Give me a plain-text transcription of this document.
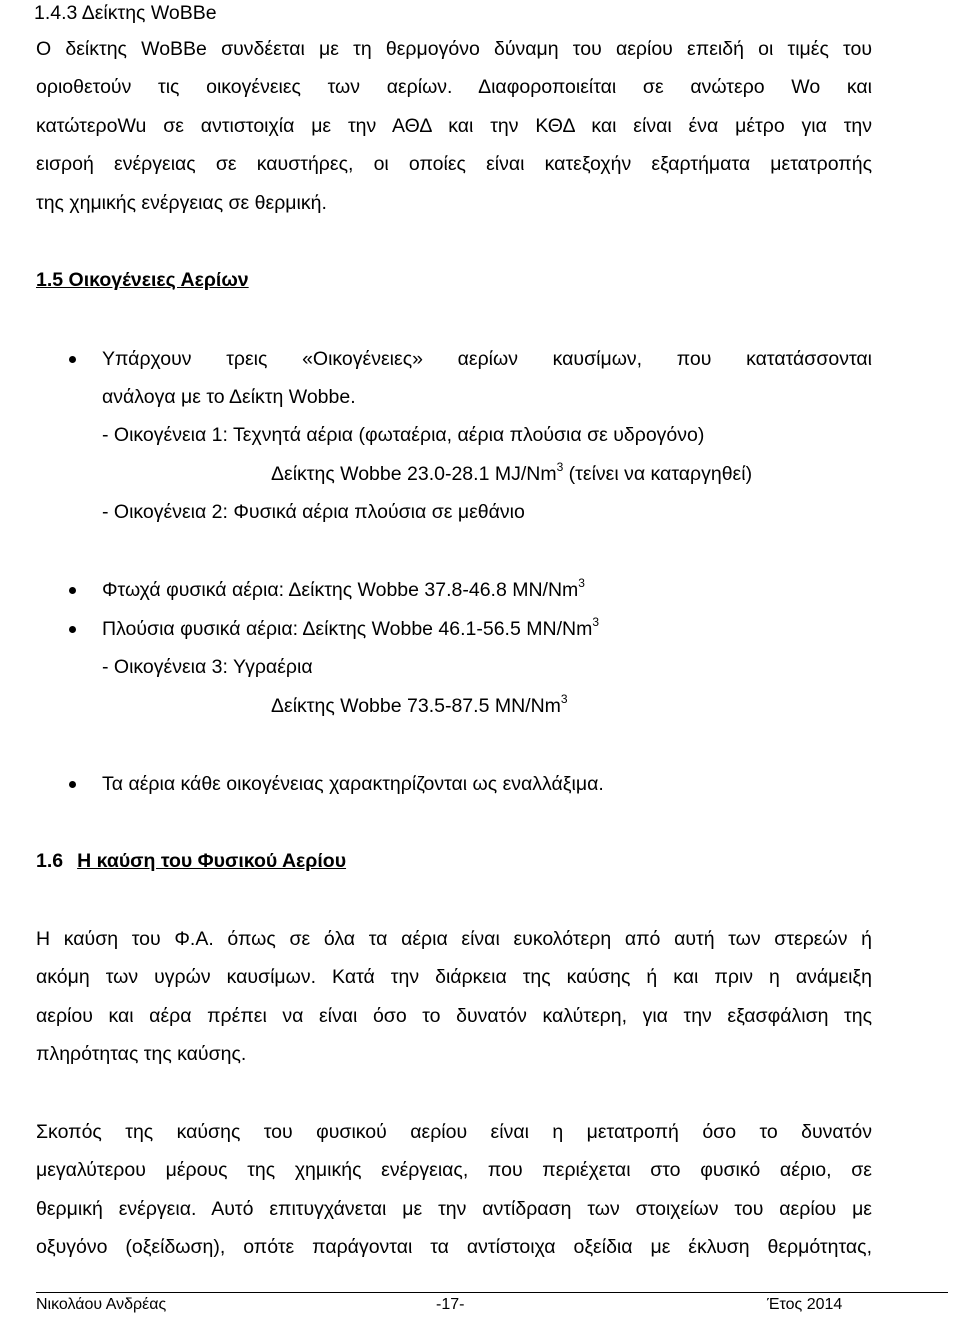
1.4.3 Δείκτης WoBBe
Ο δείκτης WoBBe συνδέεται με τη θερμογόνο δύναμη του αερίου επειδή οι τιμές του
οριοθετούν τις οικογένειες των αερίων. Διαφοροποιείται σε ανώτερο Wo και
κατώτεροWu σε αντιστοιχία με την ΑΘΔ και την ΚΘΔ και είναι ένα μέτρο για την
εισροή ενέργειας σε καυστήρες, οι οποίες είναι κατεξοχήν εξαρτήματα μετατροπής
της χημικής ενέργειας σε θερμική.
1.5 Οικογένειες Αερίων
Υπάρχουν τρεις «Οικογένειες» αερίων καυσίμων, που κατατάσσονται
ανάλογα με το Δείκτη Wobbe.
- Οικογένεια 1: Τεχνητά αέρια (φωταέρια, αέρια πλούσια σε υδρογόνο)
Δείκτης Wobbe 23.0-28.1 MJ/Nm$^3$ (τείνει να καταργηθεί)
- Οικογένεια 2: Φυσικά αέρια πλούσια σε μεθάνιο
Φτωχά φυσικά αέρια: Δείκτης Wobbe 37.8-46.8 MN/Nm$^3$
Πλούσια φυσικά αέρια: Δείκτης Wobbe 46.1-56.5 MN/Nm$^3$
- Οικογένεια 3: Υγραέρια
Δείκτης Wobbe 73.5-87.5 MN/Nm$^3$
Τα αέρια κάθε οικογένειας χαρακτηρίζονται ως εναλλάξιμα.
1.6 Η καύση του Φυσικού Αερίου
Η καύση του Φ.Α. όπως σε όλα τα αέρια είναι ευκολότερη από αυτή των στερεών ή
ακόμη των υγρών καυσίμων. Κατά την διάρκεια της καύσης ή και πριν η ανάμειξη
αερίου και αέρα πρέπει να είναι όσο το δυνατόν καλύτερη, για την εξασφάλιση της
πληρότητας της καύσης.
Σκοπός της καύσης του φυσικού αερίου είναι η μετατροπή όσο το δυνατόν
μεγαλύτερου μέρους της χημικής ενέργειας, που περιέχεται στο φυσικό αέριο, σε
θερμική ενέργεια. Αυτό επιτυγχάνεται με την αντίδραση των στοιχείων του αερίου με
οξυγόνο (οξείδωση), οπότε παράγονται τα αντίστοιχα οξείδια με έκλυση θερμότητας,
Νικολάου Ανδρέας	-17-	Έτος 2014
